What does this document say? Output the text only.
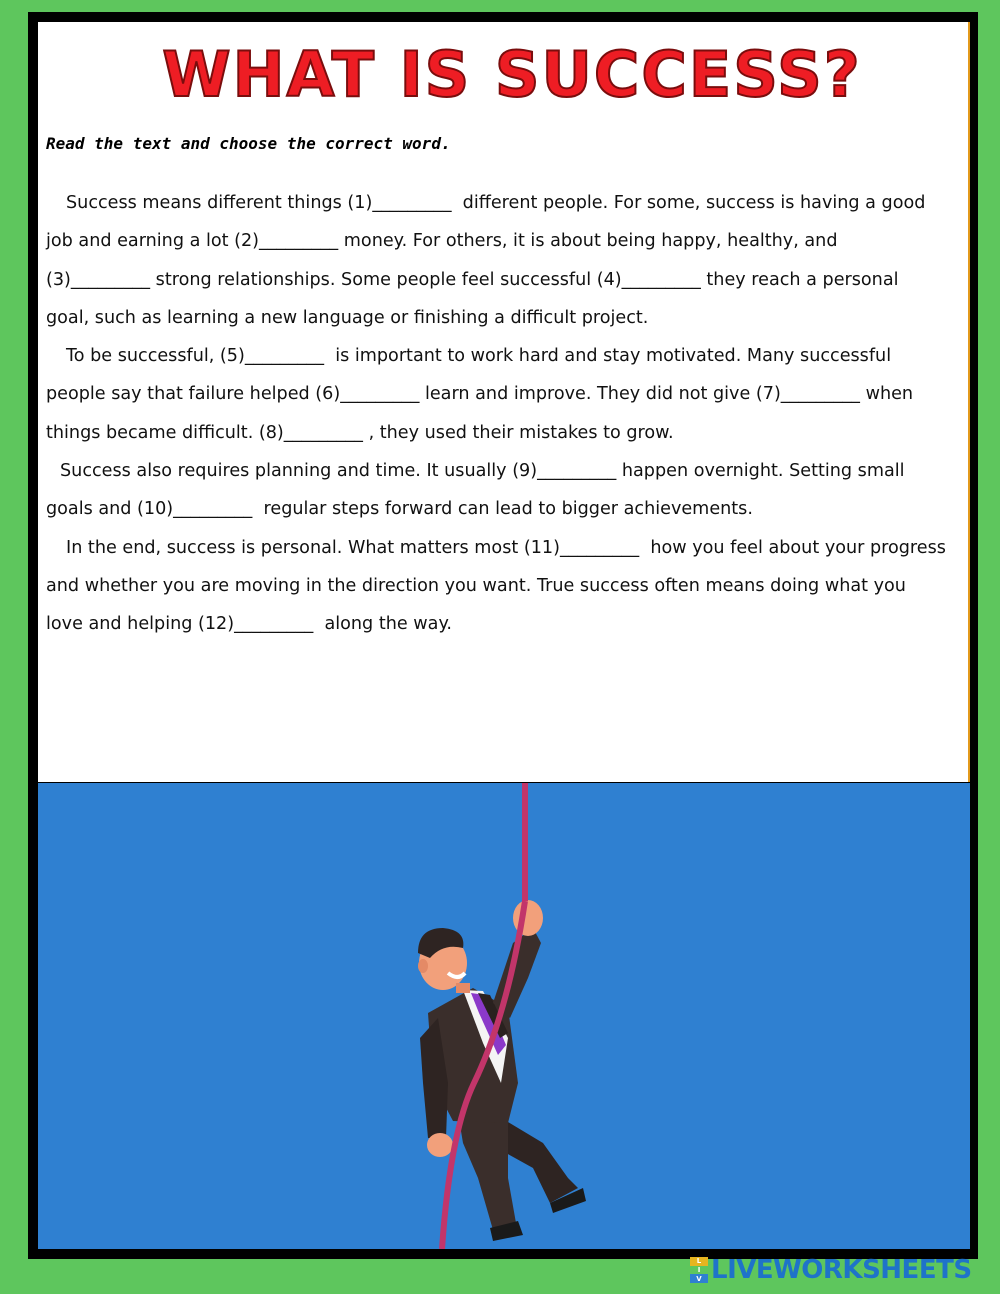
WHAT IS SUCCESS?

Read the text and choose the correct word.

Success means different things (1)_________  different people. For some, success is having a good job and earning a lot (2)_________ money. For others, it is about being happy, healthy, and (3)_________ strong relationships. Some people feel successful (4)_________ they reach a personal goal, such as learning a new language or finishing a difficult project.

To be successful, (5)_________  is important to work hard and stay motivated. Many successful people say that failure helped (6)_________ learn and improve. They did not give (7)_________ when things became difficult. (8)_________ , they used their mistakes to grow.

Success also requires planning and time. It usually (9)_________ happen overnight. Setting small goals and (10)_________  regular steps forward can lead to bigger achievements.

In the end, success is personal. What matters most (11)_________  how you feel about your progress and whether you are moving in the direction you want. True success often means doing what you love and helping (12)_________  along the way.

L
I
V LIVEWORKSHEETS
